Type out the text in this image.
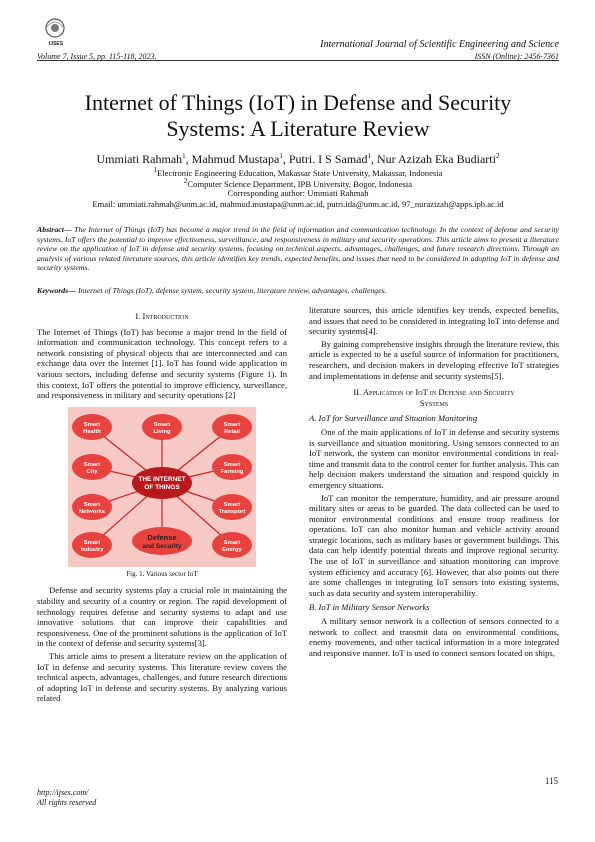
IJSES
Volume 7, Issue 5, pp. 115-118, 2023.
International Journal of Scientific Engineering and Science
ISSN (Online): 2456-7361
Internet of Things (IoT) in Defense and Security
Systems: A Literature Review
Ummiati Rahmah$^1$, Mahmud Mustapa$^1$, Putri. I S Samad$^1$, Nur Azizah Eka Budiarti$^2$
$^1$Electronic Engineering Education, Makassar State University, Makassar, Indonesia
$^2$Computer Science Department, IPB University, Bogor, Indonesia
Corresponding author: Ummiati Rahmah
Email: ummiati.rahmah@unm.ac.id, mahmud.mustapa@unm.ac.id, putri.ida@unm.ac.id, 97_nurazizah@apps.ipb.ac.id
Abstract— The Internet of Things (IoT) has become a major trend in the field of information and communication technology. In the context of defense and security systems, IoT offers the potential to improve effectiveness, surveillance, and responsiveness in military and security operations. This article aims to present a literature review on the application of IoT in defense and security systems, focusing on technical aspects, advantages, challenges, and future research directions. Through an analysis of various related literature sources, this article identifies key trends, expected benefits, and issues that need to be considered in adopting IoT in defense and security systems.
Keywords— Internet of Things (IoT), defense system, security system, literature review, advantages, challenges.
I. Introduction

The Internet of Things (IoT) has become a major trend in the field of information and communication technology. This concept refers to a network consisting of physical objects that are interconnected and can exchange data over the Internet [1]. IoT has found wide application in various sectors, including defense and security systems (Figure 1). In this context, IoT offers the potential to improve efficiency, surveillance, and responsiveness in military and security operations [2]

THE INTERNET
OF THINGS
Smart
Health
Smart
Living
Smart
Retail
Smart
City
Smart
Farming
Smart
Networks
Smart
Transport
Smart
Industry
Smart
Energy
Defense
and Security
Fig. 1. Various sector IoT

Defense and security systems play a crucial role in maintaining the stability and security of a country or region. The rapid development of technology requires defense and security systems to adapt and use innovative solutions that can improve their capabilities and responsiveness. One of the prominent solutions is the application of IoT in the context of defense and security systems[3].

This article aims to present a literature review on the application of IoT in defense and security systems. This literature review covers the technical aspects, advantages, challenges, and future research directions of adopting IoT in defense and security systems. By analyzing various related

literature sources, this article identifies key trends, expected benefits, and issues that need to be considered in integrating IoT into defense and security systems[4].

By gaining comprehensive insights through the literature review, this article is expected to be a useful source of information for practitioners, researchers, and decision makers in developing effective IoT strategies and implementations in defense and security systems[5].

II. Application of IoT in Defense and Security
Systems
A. IoT for Surveillance and Situation Monitoring

One of the main applications of IoT in defense and security systems is surveillance and situation monitoring. Using sensors connected to an IoT network, the system can monitor environmental conditions in real-time and transmit data to the control center for further analysis. This can help decision makers understand the situation and respond quickly in emergency situations.

IoT can monitor the temperature, humidity, and air pressure around military sites or areas to be guarded. The data collected can be used to monitor environmental conditions and ensure troop readiness for operations. IoT can also monitor human and vehicle activity around strategic locations, such as military bases or government buildings. This data can help identify potential threats and improve regional security. The use of IoT in surveillance and situation monitoring can improve system efficiency and accuracy [6]. However, that also points out there are some challenges in integrating IoT sensors into existing systems, such as data security and system interoperability.

B. IoT in Military Sensor Networks

A military sensor network is a collection of sensors connected to a network to collect and transmit data on environmental conditions, enemy movements, and other tactical information in a more integrated and responsive manner. IoT is used to connect sensors located on ships,

115
http://ijses.com/
All rights reserved
